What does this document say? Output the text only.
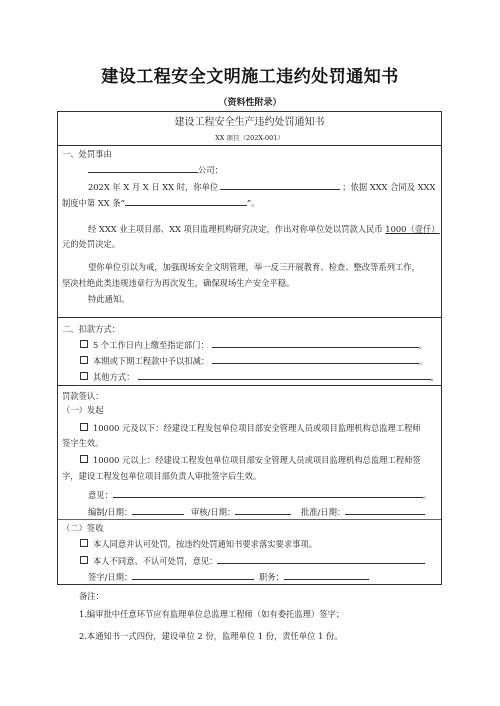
建设工程安全文明施工违约处罚通知书
（资料性附录）
建设工程安全生产违约处罚通知书
XX 项目（202X-001）
一、处罚事由
公司：
202X 年 X 月 X 日 XX 时，你单位	；依据 XXX 合同及 XXX
制度中第 XX 条“	”。
经 XXX 业主项目部、XX 项目监理机构研究决定，作出对你单位处以罚款人民币 1000（壹仟）
元的处罚决定。
望你单位引以为戒，加强现场安全文明管理，举一反三开展教育、检查、整改等系列工作，
坚决杜绝此类违规违章行为再次发生，确保现场生产安全平稳。
特此通知。
二、扣款方式：
5 个工作日内上缴至指定部门：	。
本期或下期工程款中予以扣减：	。
其他方式：	。
罚款签认：
（一）发起
10000 元及以下：经建设工程发包单位项目部安全管理人员或项目监理机构总监理工程师
签字生效。
10000 元以上：经建设工程发包单位项目部安全管理人员或项目监理机构总监理工程师签
字，建设工程发包单位项目部负责人审批签字后生效。
意见：	。
编制/日期：	审核/日期：	批准/日期：
（二）签收
本人同意并认可处罚，按违约处罚通知书要求落实要求事项。
本人不同意、不认可处罚，意见：
签字/日期：	职务：
备注：
1.编审批中任意环节应有监理单位总监理工程师（如有委托监理）签字；
2.本通知书一式四份，建设单位 2 份，监理单位 1 份，责任单位 1 份。
